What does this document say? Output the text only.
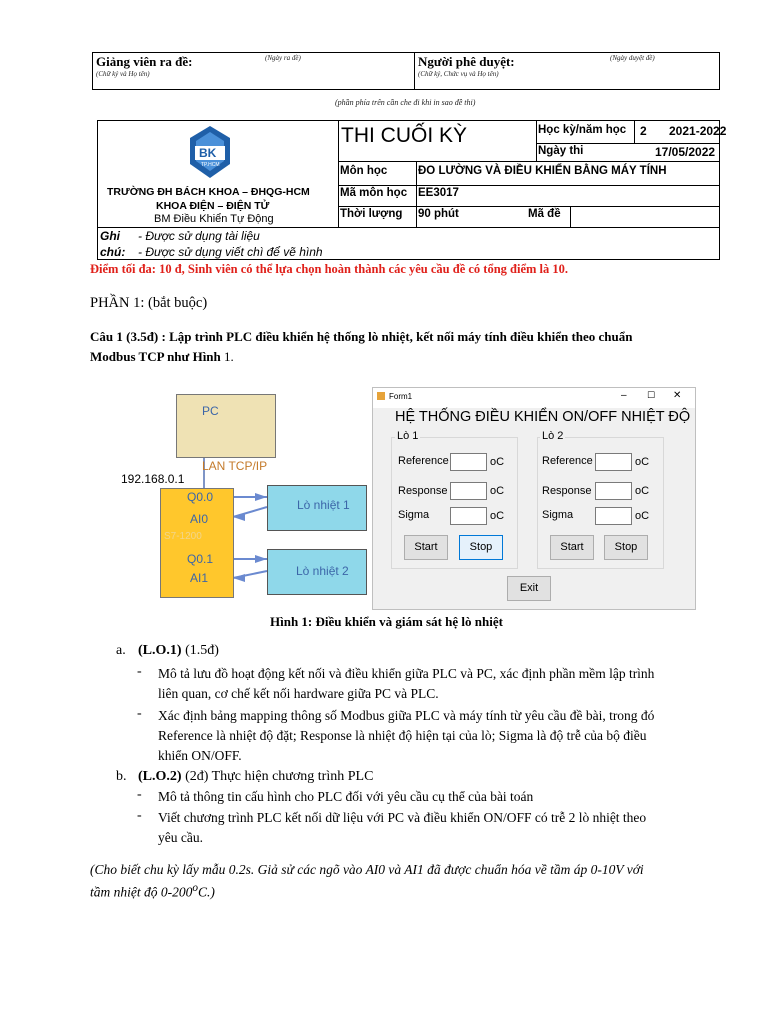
Giảng viên ra đề:	(Ngày ra đề)
(Chữ ký và Họ tên)
Người phê duyệt:	(Ngày duyệt đề)
(Chữ ký, Chức vụ và Họ tên)
(phần phía trên cần che đi khi in sao đề thi)
BK
TP.HCM
TRƯỜNG ĐH BÁCH KHOA – ĐHQG-HCM
KHOA ĐIỆN – ĐIỆN TỬ
BM Điều Khiển Tự Động
THI CUỐI KỲ	Học kỳ/năm học 2 2021-2022
Ngày thi	17/05/2022
Môn học	ĐO LƯỜNG VÀ ĐIỀU KHIỂN BẰNG MÁY TÍNH
Mã môn học EE3017
Thời lượng 90 phút	Mã đề
Ghi
chú:
- Được sử dụng tài liệu
- Được sử dụng viết chì để vẽ hình
Điểm tối đa: 10 đ, Sinh viên có thể lựa chọn hoàn thành các yêu cầu đề có tổng điểm là 10.
PHẦN 1: (bắt buộc)
Câu 1 (3.5đ) : Lập trình PLC điều khiển hệ thống lò nhiệt, kết nối máy tính điều khiển theo chuẩn
Modbus TCP như Hình 1.
PC
LAN TCP/IP
192.168.0.1
Q0.0
AI0
S7-1200
Q0.1
AI1
Lò nhiệt 1
Lò nhiệt 2
Form1	– ☐ ✕
HỆ THỐNG ĐIỀU KHIỂN ON/OFF NHIỆT ĐỘ
Lò 1
Reference	oC
Response	oC
Sigma	oC
Start	Stop
Lò 2
Reference	oC
Response	oC
Sigma	oC
Start	Stop
Exit
Hình 1: Điều khiển và giám sát hệ lò nhiệt
a. (L.O.1) (1.5đ)
- Mô tả lưu đồ hoạt động kết nối và điều khiển giữa PLC và PC, xác định phần mềm lập trình
liên quan, cơ chế kết nối hardware giữa PC và PLC.
- Xác định bảng mapping thông số Modbus giữa PLC và máy tính từ yêu cầu đề bài, trong đó
Reference là nhiệt độ đặt; Response là nhiệt độ hiện tại của lò; Sigma là độ trễ của bộ điều
khiển ON/OFF.
b. (L.O.2) (2đ) Thực hiện chương trình PLC
- Mô tả thông tin cấu hình cho PLC đối với yêu cầu cụ thể của bài toán
- Viết chương trình PLC kết nối dữ liệu với PC và điều khiển ON/OFF có trễ 2 lò nhiệt theo
yêu cầu.
(Cho biết chu kỳ lấy mẫu 0.2s. Giả sử các ngõ vào AI0 và AI1 đã được chuẩn hóa về tầm áp 0-10V với
tầm nhiệt độ 0-200$^o$C.)
